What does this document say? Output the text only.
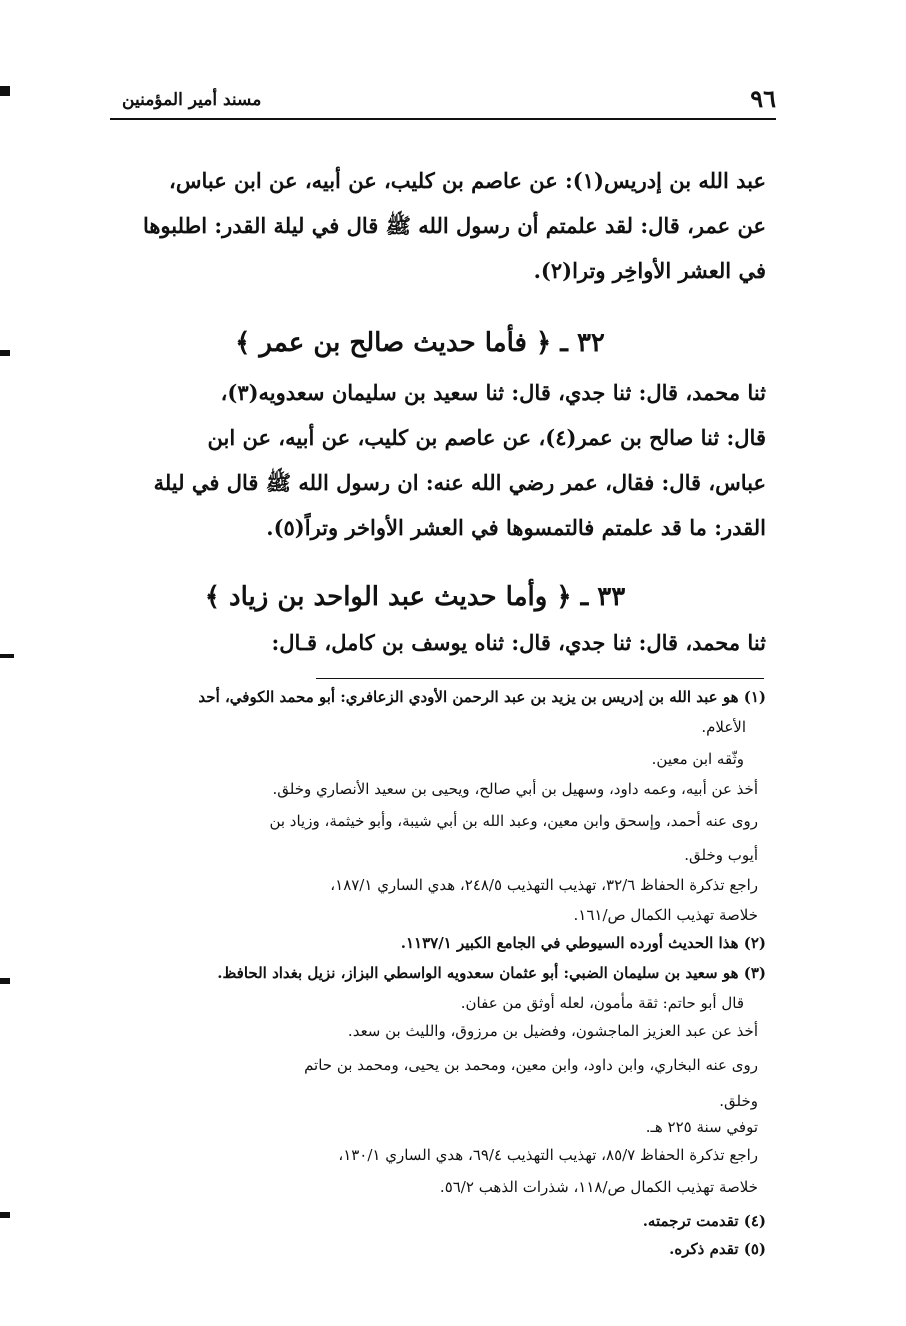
٩٦
مسند أمير المؤمنين
عبد الله بن إدريس(١): عن عاصم بن كليب، عن أبيه، عن ابن عباس،
عن عمر، قال: لقد علمتم أن رسول الله ﷺ قال في ليلة القدر: اطلبوها
في العشر الأواخِر وترا(٢).
٣٢ ـ ﴿ فأما حديث صالح بن عمر ﴾
ثنا محمد، قال: ثنا جدي، قال: ثنا سعيد بن سليمان سعدويه(٣)،
قال: ثنا صالح بن عمر(٤)، عن عاصم بن كليب، عن أبيه، عن ابن
عباس، قال: فقال، عمر رضي الله عنه: ان رسول الله ﷺ قال في ليلة
القدر: ما قد علمتم فالتمسوها في العشر الأواخر وتراً(٥).
٣٣ ـ ﴿ وأما حديث عبد الواحد بن زياد ﴾
ثنا محمد، قال: ثنا جدي، قال: ثناه يوسف بن كامل، قـال:
(١) هو عبد الله بن إدريس بن يزيد بن عبد الرحمن الأودي الزعافري: أبو محمد الكوفي، أحد
الأعلام.
وثّقه ابن معين.
أخذ عن أبيه، وعمه داود، وسهيل بن أبي صالح، ويحيى بن سعيد الأنصاري وخلق.
روى عنه أحمد، وإسحق وابن معين، وعبد الله بن أبي شيبة، وأبو خيثمة، وزياد بن
أيوب وخلق.
راجع تذكرة الحفاظ ٣٢/٦، تهذيب التهذيب ٢٤٨/٥، هدي الساري ١٨٧/١،
خلاصة تهذيب الكمال ص/١٦١.
(٢) هذا الحديث أورده السيوطي في الجامع الكبير ١١٣٧/١.
(٣) هو سعيد بن سليمان الضبي: أبو عثمان سعدويه الواسطي البزاز، نزيل بغداد الحافظ.
قال أبو حاتم: ثقة مأمون، لعله أوثق من عفان.
أخذ عن عبد العزيز الماجشون، وفضيل بن مرزوق، والليث بن سعد.
روى عنه البخاري، وابن داود، وابن معين، ومحمد بن يحيى، ومحمد بن حاتم
وخلق.
توفي سنة ٢٢٥ هـ.
راجع تذكرة الحفاظ ٨٥/٧، تهذيب التهذيب ٦٩/٤، هدي الساري ١٣٠/١،
خلاصة تهذيب الكمال ص/١١٨، شذرات الذهب ٥٦/٢.
(٤) تقدمت ترجمته.
(٥) تقدم ذكره.
